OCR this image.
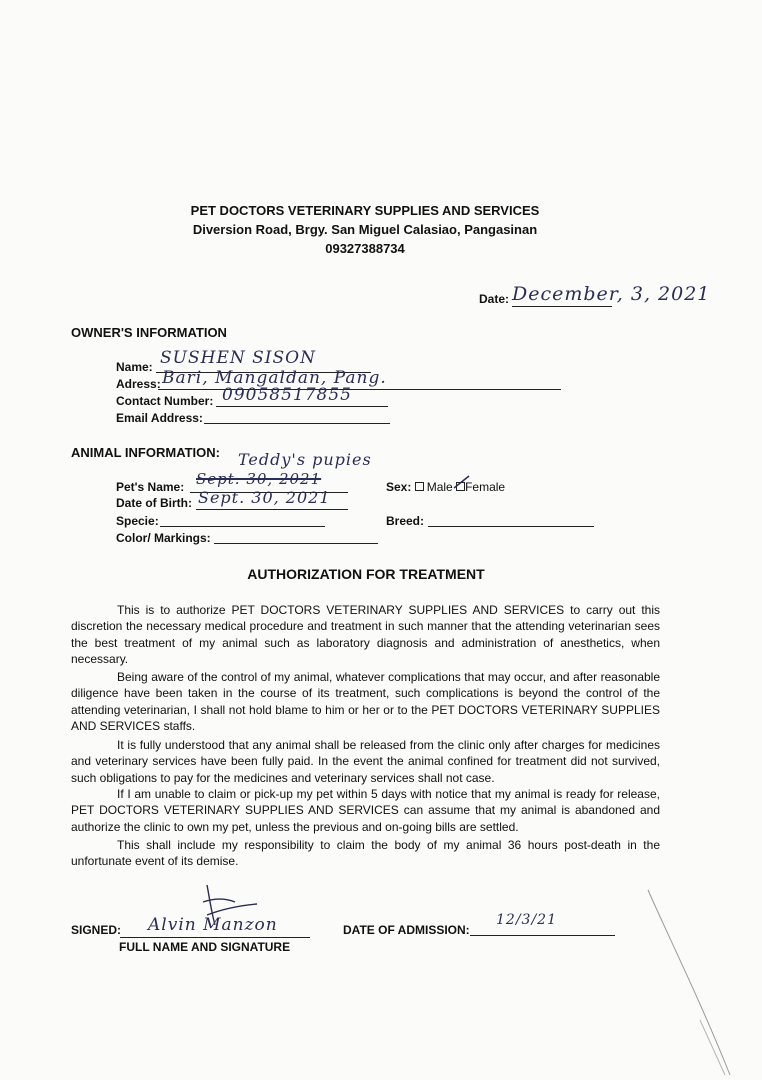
PET DOCTORS VETERINARY SUPPLIES AND SERVICES
Diversion Road, Brgy. San Miguel Calasiao, Pangasinan
09327388734
Date: December, 3, 2021
OWNER'S INFORMATION
Name: SUSHEN SISON
Adress: Bari, Mangaldan, Pang.
Contact Number: 09058517855
Email Address:
ANIMAL INFORMATION: Teddy's pupies
Pet's Name: Sept. 30, 2021
Date of Birth: Sept. 30, 2021
Specie:
Color/ Markings:
Sex: Male Female
Breed:
AUTHORIZATION FOR TREATMENT

This is to authorize PET DOCTORS VETERINARY SUPPLIES AND SERVICES to carry out this discretion the necessary medical procedure and treatment in such manner that the attending veterinarian sees the best treatment of my animal such as laboratory diagnosis and administration of anesthetics, when necessary.

Being aware of the control of my animal, whatever complications that may occur, and after reasonable diligence have been taken in the course of its treatment, such complications is beyond the control of the attending veterinarian, I shall not hold blame to him or her or to the PET DOCTORS VETERINARY SUPPLIES AND SERVICES staffs.

It is fully understood that any animal shall be released from the clinic only after charges for medicines and veterinary services have been fully paid. In the event the animal confined for treatment did not survived, such obligations to pay for the medicines and veterinary services shall not case.

If I am unable to claim or pick-up my pet within 5 days with notice that my animal is ready for release, PET DOCTORS VETERINARY SUPPLIES AND SERVICES can assume that my animal is abandoned and authorize the clinic to own my pet, unless the previous and on-going bills are settled.

This shall include my responsibility to claim the body of my animal 36 hours post-death in the unfortunate event of its demise.

SIGNED: Alvin Manzon
FULL NAME AND SIGNATURE
DATE OF ADMISSION:
12/3/21
